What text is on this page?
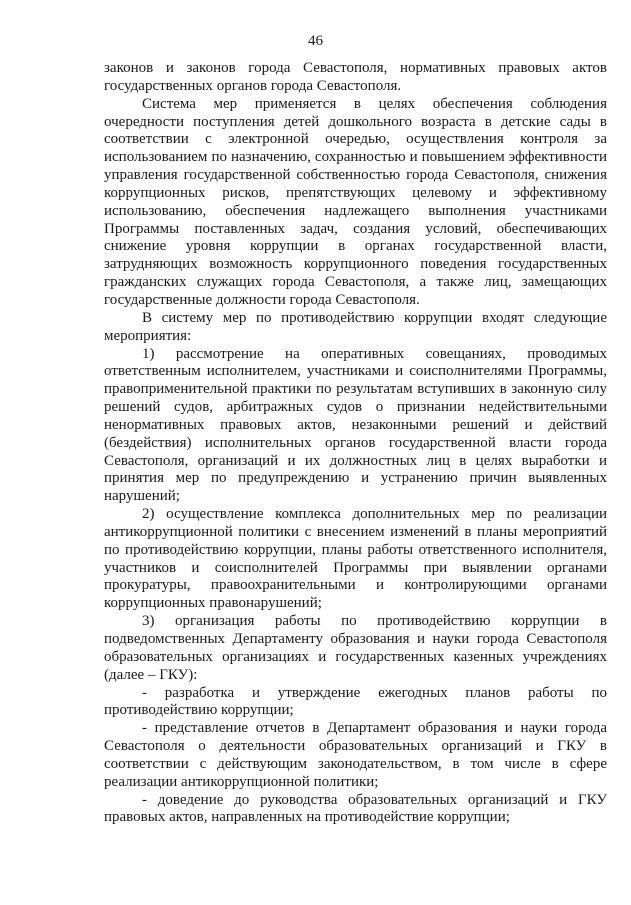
46

законов и законов города Севастополя, нормативных правовых актов государственных органов города Севастополя.

Система мер применяется в целях обеспечения соблюдения очередности поступления детей дошкольного возраста в детские сады в соответствии с электронной очередью, осуществления контроля за использованием по назначению, сохранностью и повышением эффективности управления государственной собственностью города Севастополя, снижения коррупционных рисков, препятствующих целевому и эффективному использованию, обеспечения надлежащего выполнения участниками Программы поставленных задач, создания условий, обеспечивающих снижение уровня коррупции в органах государственной власти, затрудняющих возможность коррупционного поведения государственных гражданских служащих города Севастополя, а также лиц, замещающих государственные должности города Севастополя.

В систему мер по противодействию коррупции входят следующие мероприятия:

1) рассмотрение на оперативных совещаниях, проводимых ответственным исполнителем, участниками и соисполнителями Программы, правоприменительной практики по результатам вступивших в законную силу решений судов, арбитражных судов о признании недействительными ненормативных правовых актов, незаконными решений и действий (бездействия) исполнительных органов государственной власти города Севастополя, организаций и их должностных лиц в целях выработки и принятия мер по предупреждению и устранению причин выявленных нарушений;

2) осуществление комплекса дополнительных мер по реализации антикоррупционной политики с внесением изменений в планы мероприятий по противодействию коррупции, планы работы ответственного исполнителя, участников и соисполнителей Программы при выявлении органами прокуратуры, правоохранительными и контролирующими органами коррупционных правонарушений;

3) организация работы по противодействию коррупции в подведомственных Департаменту образования и науки города Севастополя образовательных организациях и государственных казенных учреждениях (далее – ГКУ):

- разработка и утверждение ежегодных планов работы по противодействию коррупции;

- представление отчетов в Департамент образования и науки города Севастополя о деятельности образовательных организаций и ГКУ в соответствии с действующим законодательством, в том числе в сфере реализации антикоррупционной политики;

- доведение до руководства образовательных организаций и ГКУ правовых актов, направленных на противодействие коррупции;
